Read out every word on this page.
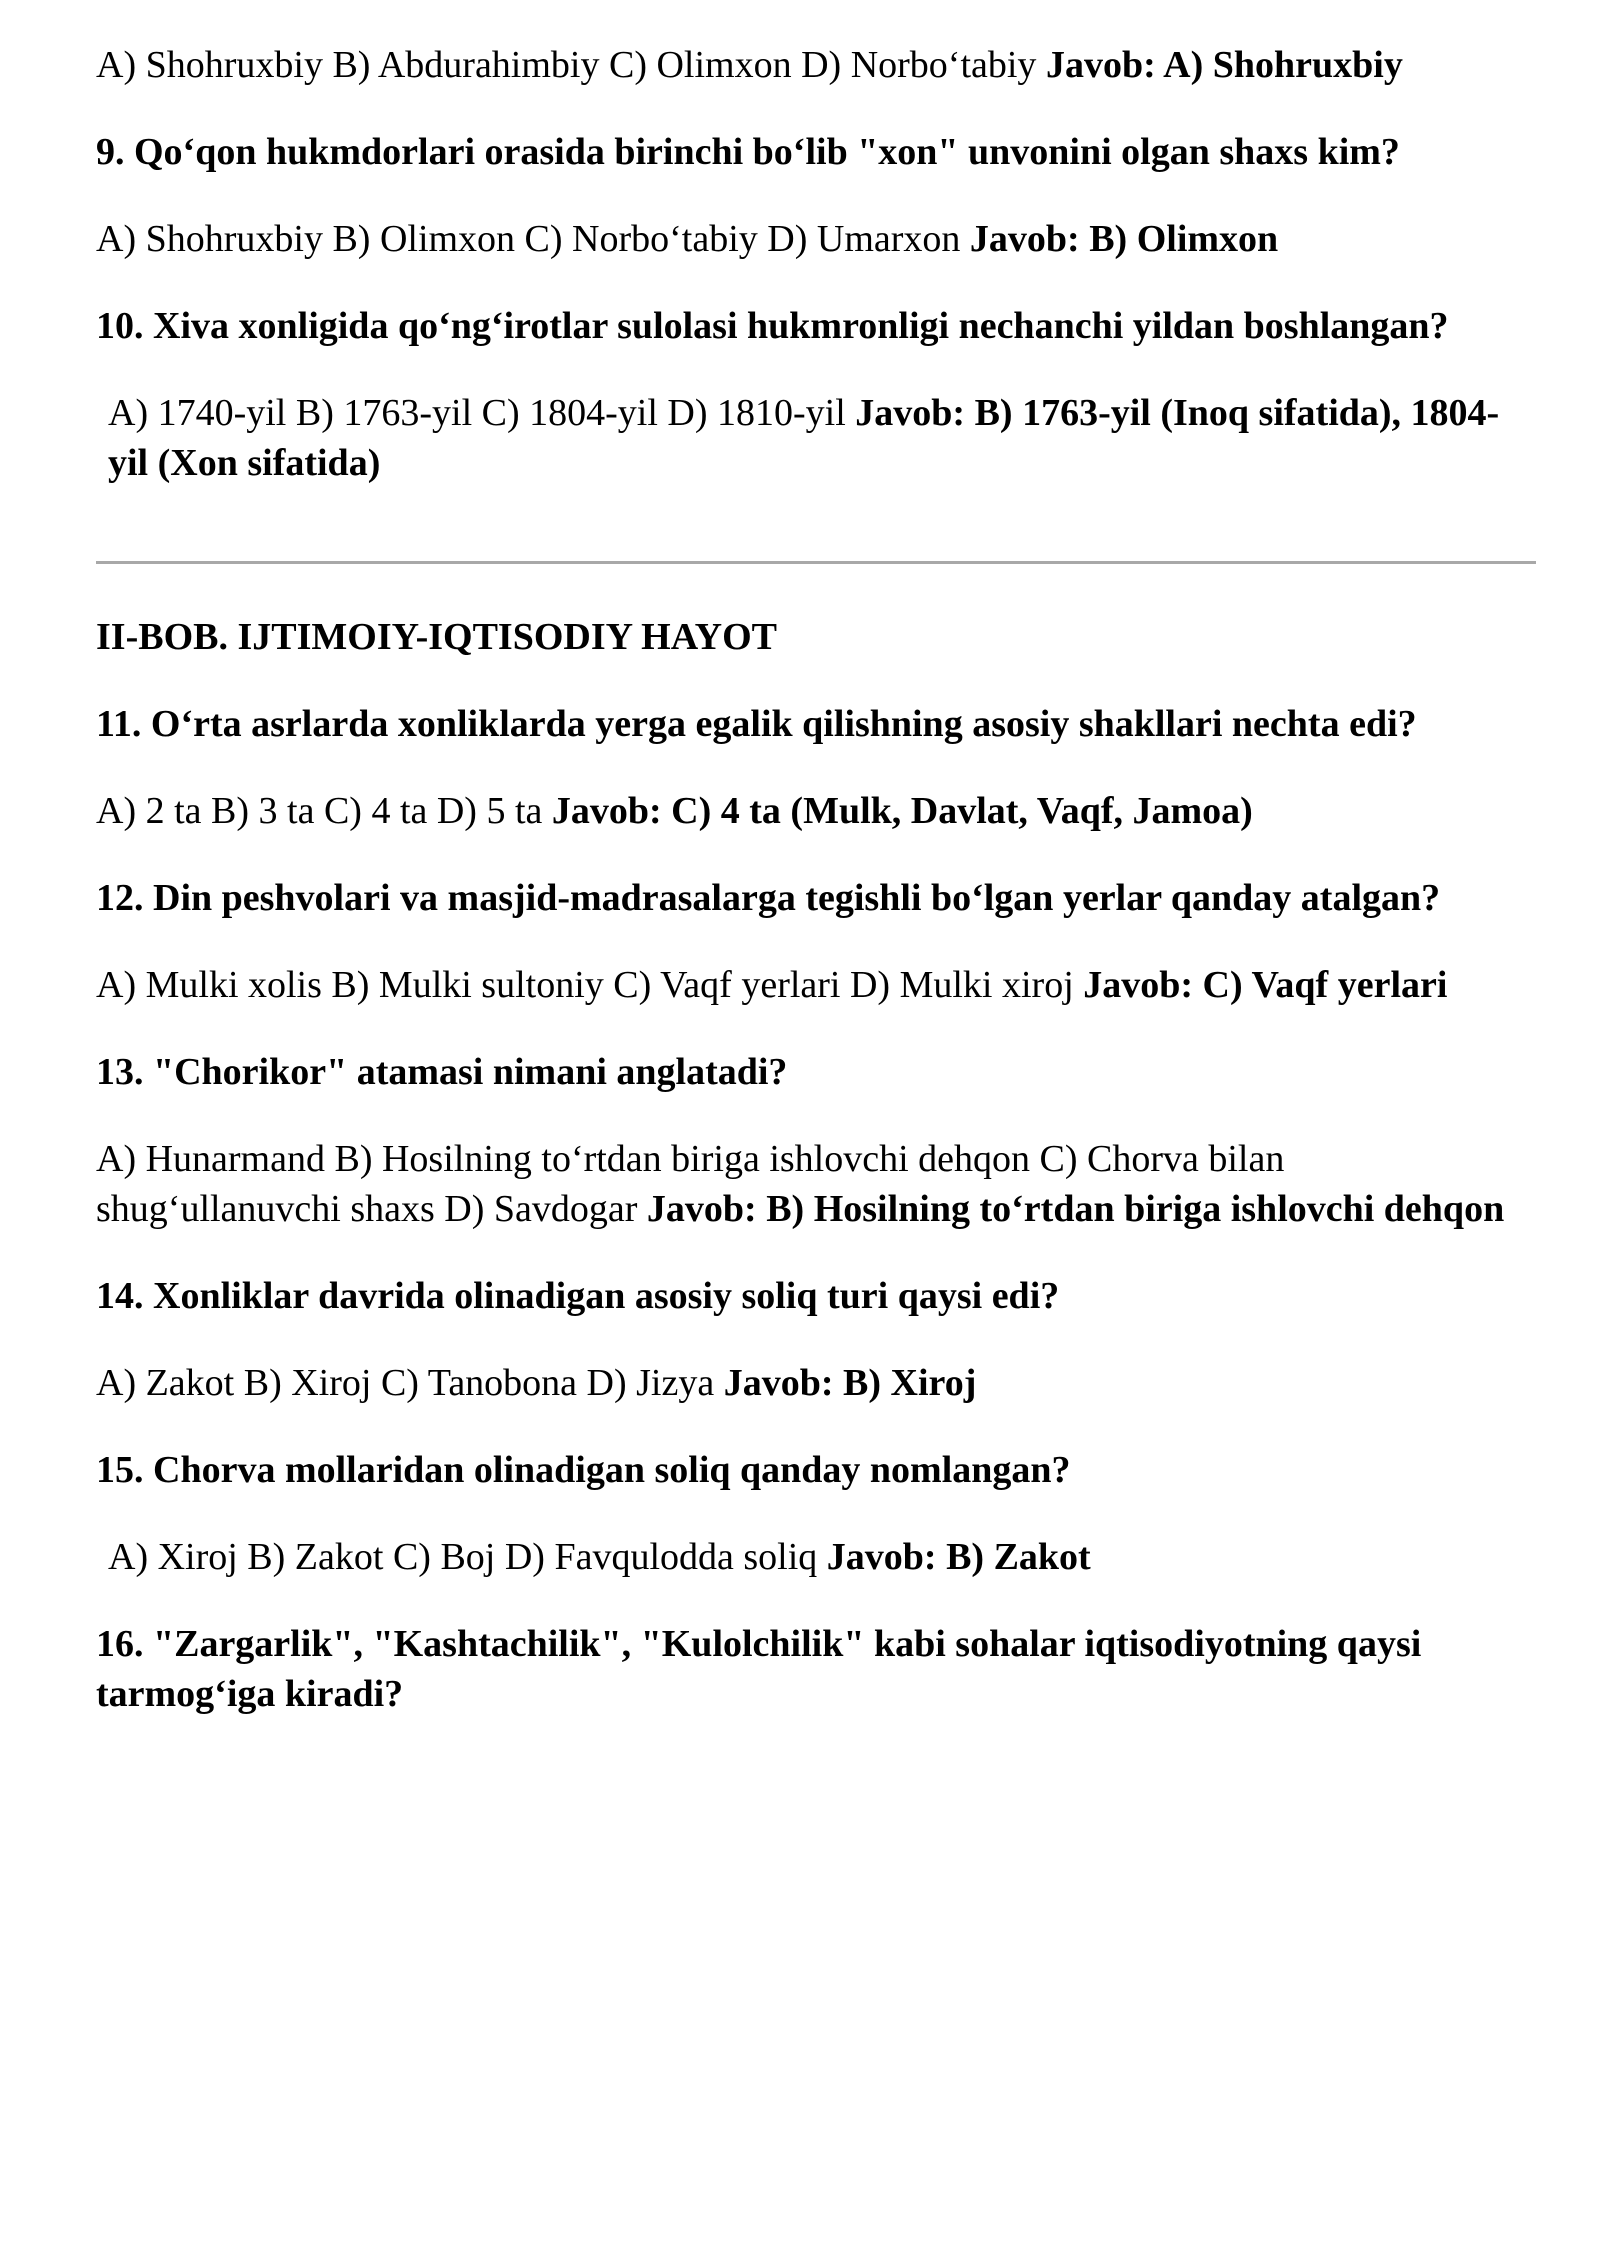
A) Shohruxbiy B) Abdurahimbiy C) Olimxon D) Norbo‘tabiy Javob: A) Shohruxbiy

9. Qo‘qon hukmdorlari orasida birinchi bo‘lib "xon" unvonini olgan shaxs kim?

A) Shohruxbiy B) Olimxon C) Norbo‘tabiy D) Umarxon Javob: B) Olimxon

10. Xiva xonligida qo‘ng‘irotlar sulolasi hukmronligi nechanchi yildan boshlangan?

A) 1740-yil B) 1763-yil C) 1804-yil D) 1810-yil Javob: B) 1763-yil (Inoq sifatida), 1804-yil (Xon sifatida)

II-BOB. IJTIMOIY-IQTISODIY HAYOT

11. O‘rta asrlarda xonliklarda yerga egalik qilishning asosiy shakllari nechta edi?

A) 2 ta B) 3 ta C) 4 ta D) 5 ta Javob: C) 4 ta (Mulk, Davlat, Vaqf, Jamoa)

12. Din peshvolari va masjid-madrasalarga tegishli bo‘lgan yerlar qanday atalgan?

A) Mulki xolis B) Mulki sultoniy C) Vaqf yerlari D) Mulki xiroj Javob: C) Vaqf yerlari

13. "Chorikor" atamasi nimani anglatadi?

A) Hunarmand B) Hosilning to‘rtdan biriga ishlovchi dehqon C) Chorva bilan shug‘ullanuvchi shaxs D) Savdogar Javob: B) Hosilning to‘rtdan biriga ishlovchi dehqon

14. Xonliklar davrida olinadigan asosiy soliq turi qaysi edi?

A) Zakot B) Xiroj C) Tanobona D) Jizya Javob: B) Xiroj

15. Chorva mollaridan olinadigan soliq qanday nomlangan?

A) Xiroj B) Zakot C) Boj D) Favqulodda soliq Javob: B) Zakot

16. "Zargarlik", "Kashtachilik", "Kulolchilik" kabi sohalar iqtisodiyotning qaysi tarmog‘iga kiradi?
